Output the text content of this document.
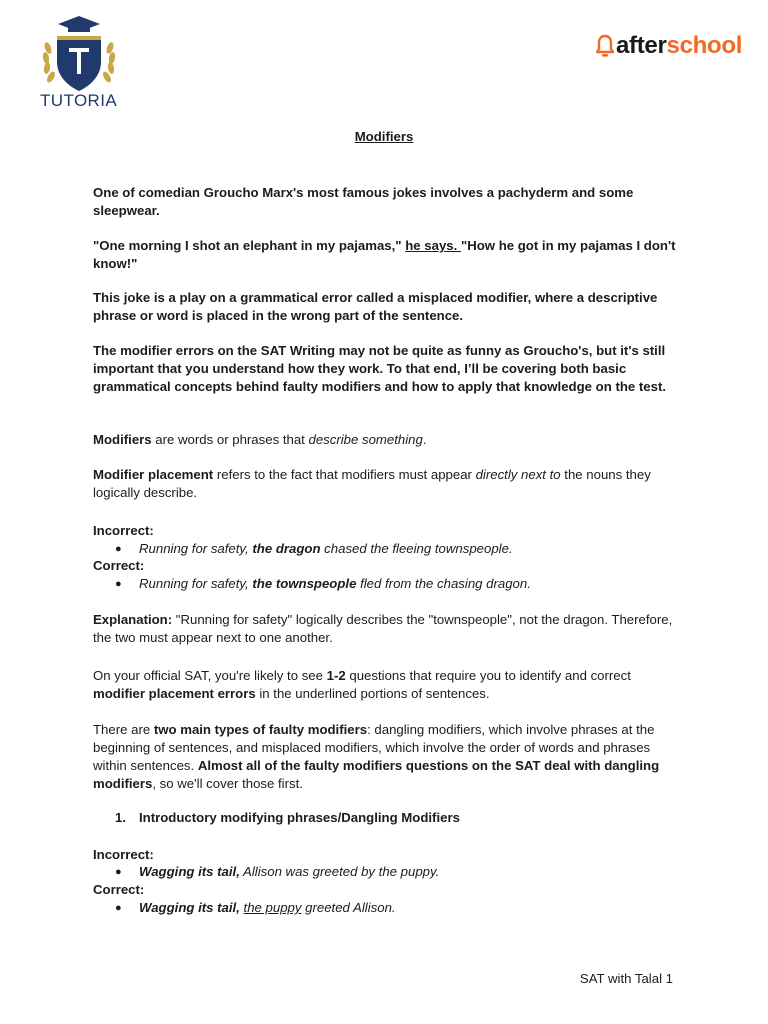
TUTORIA
afterschool
Modifiers

One of comedian Groucho Marx's most famous jokes involves a pachyderm and some sleepwear.

"One morning I shot an elephant in my pajamas," he says. "How he got in my pajamas I don't know!"

This joke is a play on a grammatical error called a misplaced modifier, where a descriptive phrase or word is placed in the wrong part of the sentence.

The modifier errors on the SAT Writing may not be quite as funny as Groucho's, but it's still important that you understand how they work. To that end, I’ll be covering both basic grammatical concepts behind faulty modifiers and how to apply that knowledge on the test.

Modifiers are words or phrases that describe something.

Modifier placement refers to the fact that modifiers must appear directly next to the nouns they logically describe.

Incorrect:
●	Running for safety, the dragon chased the fleeing townspeople.
Correct:
●	Running for safety, the townspeople fled from the chasing dragon.

Explanation: "Running for safety" logically describes the "townspeople", not the dragon. Therefore, the two must appear next to one another.

On your official SAT, you're likely to see 1-2 questions that require you to identify and correct modifier placement errors in the underlined portions of sentences.

There are two main types of faulty modifiers: dangling modifiers, which involve phrases at the beginning of sentences, and misplaced modifiers, which involve the order of words and phrases within sentences. Almost all of the faulty modifiers questions on the SAT deal with dangling modifiers, so we'll cover those first.

1. Introductory modifying phrases/Dangling Modifiers
Incorrect:
●	Wagging its tail, Allison was greeted by the puppy.
Correct:
●	Wagging its tail, the puppy greeted Allison.
SAT with Talal 1
